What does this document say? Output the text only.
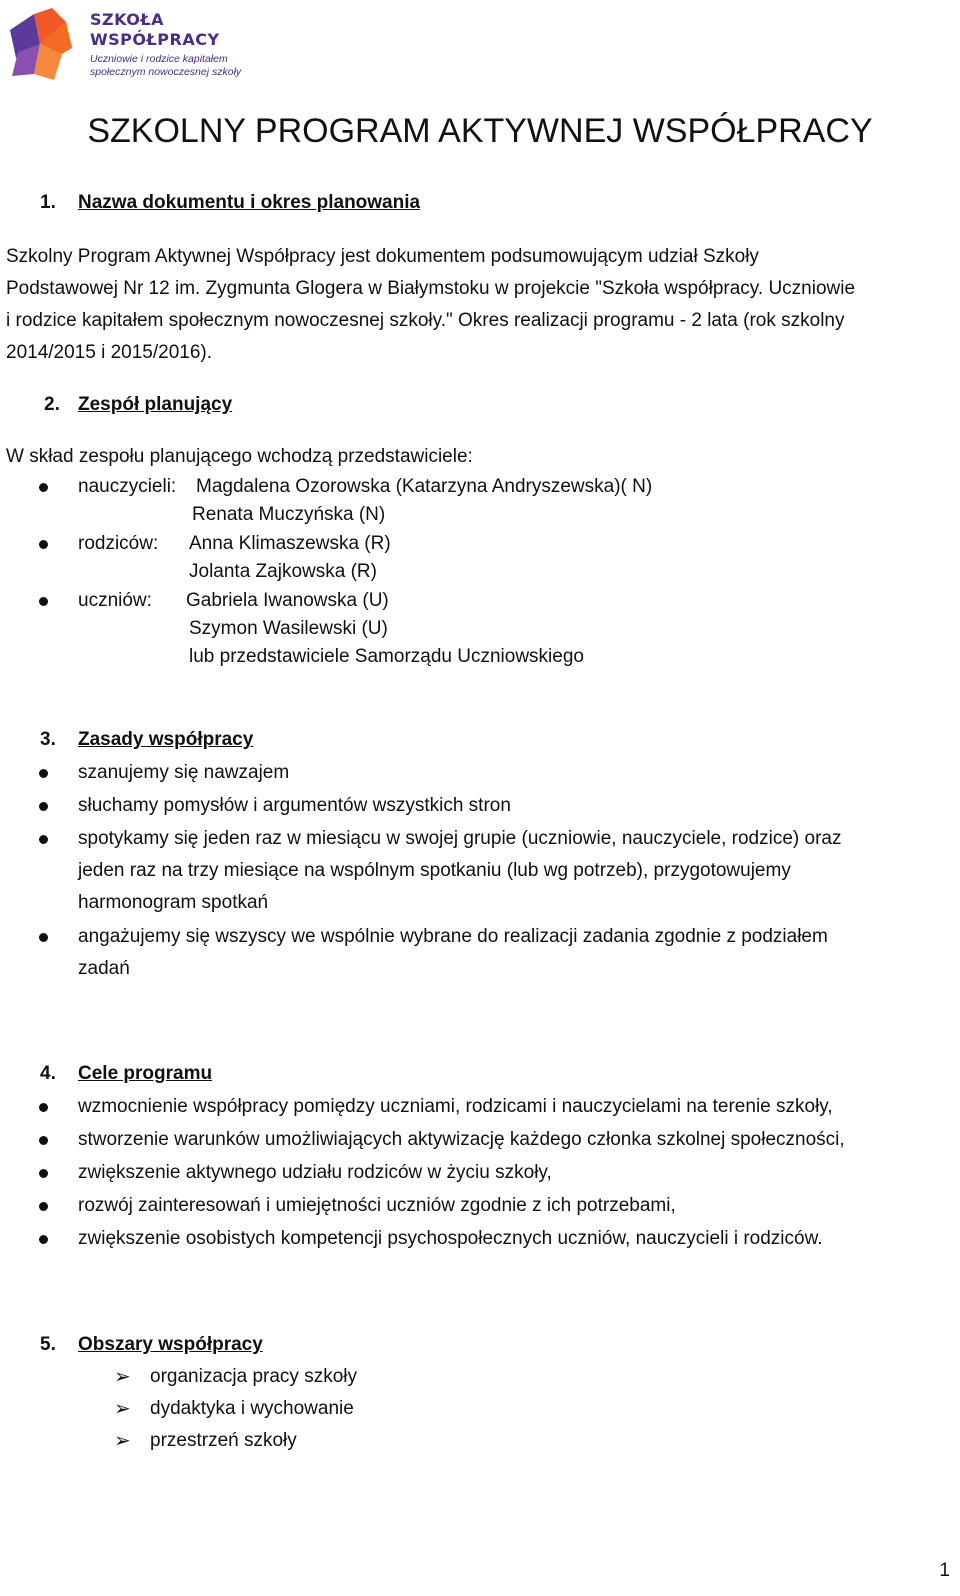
SZKOŁA
WSPÓŁPRACY
Uczniowie i rodzice kapitałem
społecznym nowoczesnej szkoły
SZKOLNY PROGRAM AKTYWNEJ WSPÓŁPRACY
1. Nazwa dokumentu i okres planowania
Szkolny Program Aktywnej Współpracy jest dokumentem podsumowującym udział Szkoły
Podstawowej Nr 12 im. Zygmunta Glogera w Białymstoku w projekcie "Szkoła współpracy. Uczniowie
i rodzice kapitałem społecznym nowoczesnej szkoły." Okres realizacji programu - 2 lata (rok szkolny
2014/2015 i 2015/2016).
2. Zespół planujący
W skład zespołu planującego wchodzą przedstawiciele:
nauczycieli: Magdalena Ozorowska (Katarzyna Andryszewska)( N)
Renata Muczyńska (N)
rodziców: Anna Klimaszewska (R)
Jolanta Zajkowska (R)
uczniów: Gabriela Iwanowska (U)
Szymon Wasilewski (U)
lub przedstawiciele Samorządu Uczniowskiego
3. Zasady współpracy
szanujemy się nawzajem
słuchamy pomysłów i argumentów wszystkich stron
spotykamy się jeden raz w miesiącu w swojej grupie (uczniowie, nauczyciele, rodzice) oraz
jeden raz na trzy miesiące na wspólnym spotkaniu (lub wg potrzeb), przygotowujemy
harmonogram spotkań
angażujemy się wszyscy we wspólnie wybrane do realizacji zadania zgodnie z podziałem
zadań
4. Cele programu
wzmocnienie współpracy pomiędzy uczniami, rodzicami i nauczycielami na terenie szkoły,
stworzenie warunków umożliwiających aktywizację każdego członka szkolnej społeczności,
zwiększenie aktywnego udziału rodziców w życiu szkoły,
rozwój zainteresowań i umiejętności uczniów zgodnie z ich potrzebami,
zwiększenie osobistych kompetencji psychospołecznych uczniów, nauczycieli i rodziców.
5. Obszary współpracy
➢ organizacja pracy szkoły
➢ dydaktyka i wychowanie
➢ przestrzeń szkoły
1
